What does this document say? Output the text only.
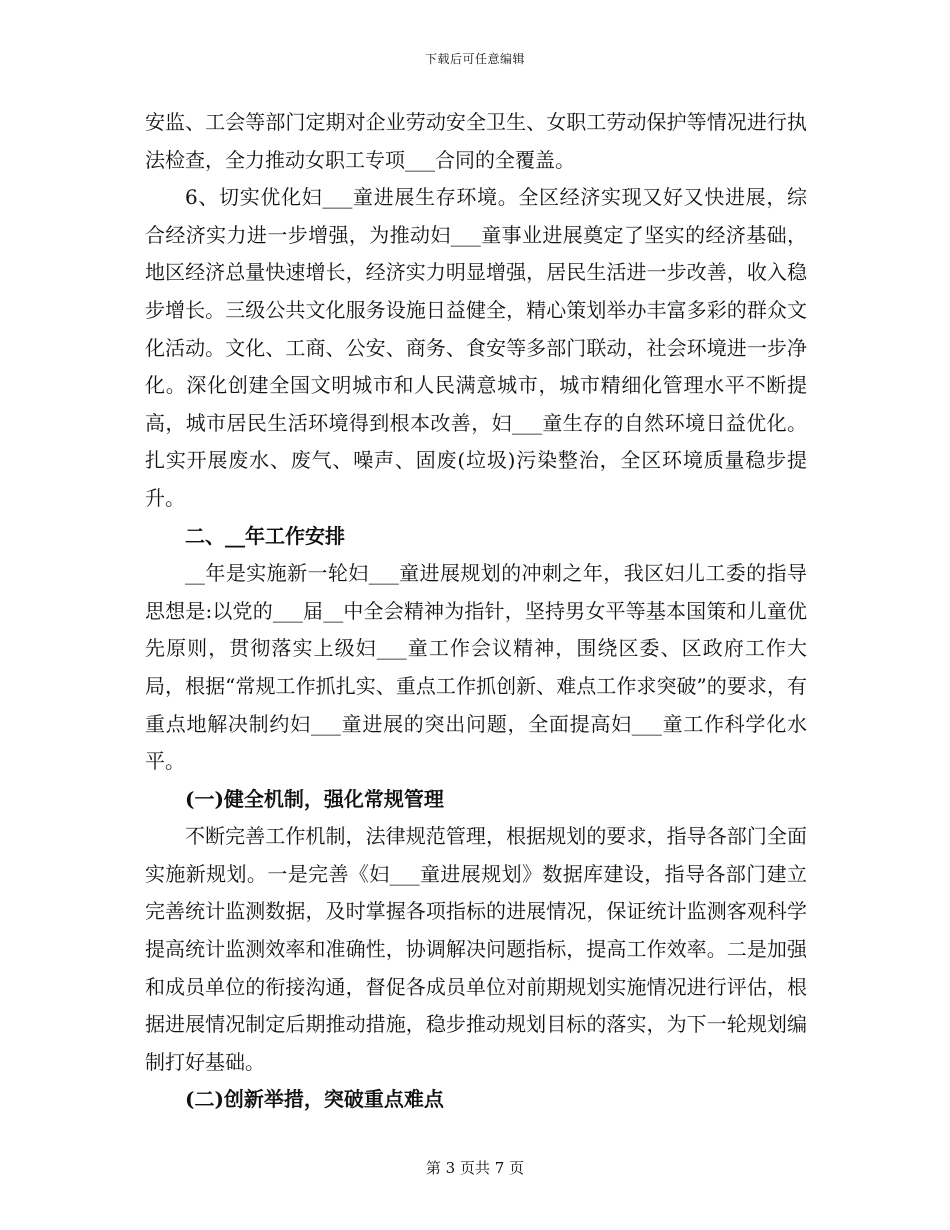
下载后可任意编辑

安监、工会等部门定期对企业劳动安全卫生、女职工劳动保护等情况进行执法检查，全力推动女职工专项___合同的全覆盖。

6、切实优化妇___童进展生存环境。全区经济实现又好又快进展，综合经济实力进一步增强，为推动妇___童事业进展奠定了坚实的经济基础，地区经济总量快速增长，经济实力明显增强，居民生活进一步改善，收入稳步增长。三级公共文化服务设施日益健全，精心策划举办丰富多彩的群众文化活动。文化、工商、公安、商务、食安等多部门联动，社会环境进一步净化。深化创建全国文明城市和人民满意城市，城市精细化管理水平不断提高，城市居民生活环境得到根本改善，妇___童生存的自然环境日益优化。扎实开展废水、废气、噪声、固废(垃圾)污染整治，全区环境质量稳步提升。

二、__年工作安排

__年是实施新一轮妇___童进展规划的冲刺之年，我区妇儿工委的指导思想是:以党的___届__中全会精神为指针，坚持男女平等基本国策和儿童优先原则，贯彻落实上级妇___童工作会议精神，围绕区委、区政府工作大局，根据“常规工作抓扎实、重点工作抓创新、难点工作求突破”的要求，有重点地解决制约妇___童进展的突出问题，全面提高妇___童工作科学化水平。

(一)健全机制，强化常规管理

不断完善工作机制，法律规范管理，根据规划的要求，指导各部门全面实施新规划。一是完善《妇___童进展规划》数据库建设，指导各部门建立完善统计监测数据，及时掌握各项指标的进展情况，保证统计监测客观科学提高统计监测效率和准确性，协调解决问题指标，提高工作效率。二是加强和成员单位的衔接沟通，督促各成员单位对前期规划实施情况进行评估，根据进展情况制定后期推动措施，稳步推动规划目标的落实，为下一轮规划编制打好基础。

(二)创新举措，突破重点难点

第 3 页共 7 页
